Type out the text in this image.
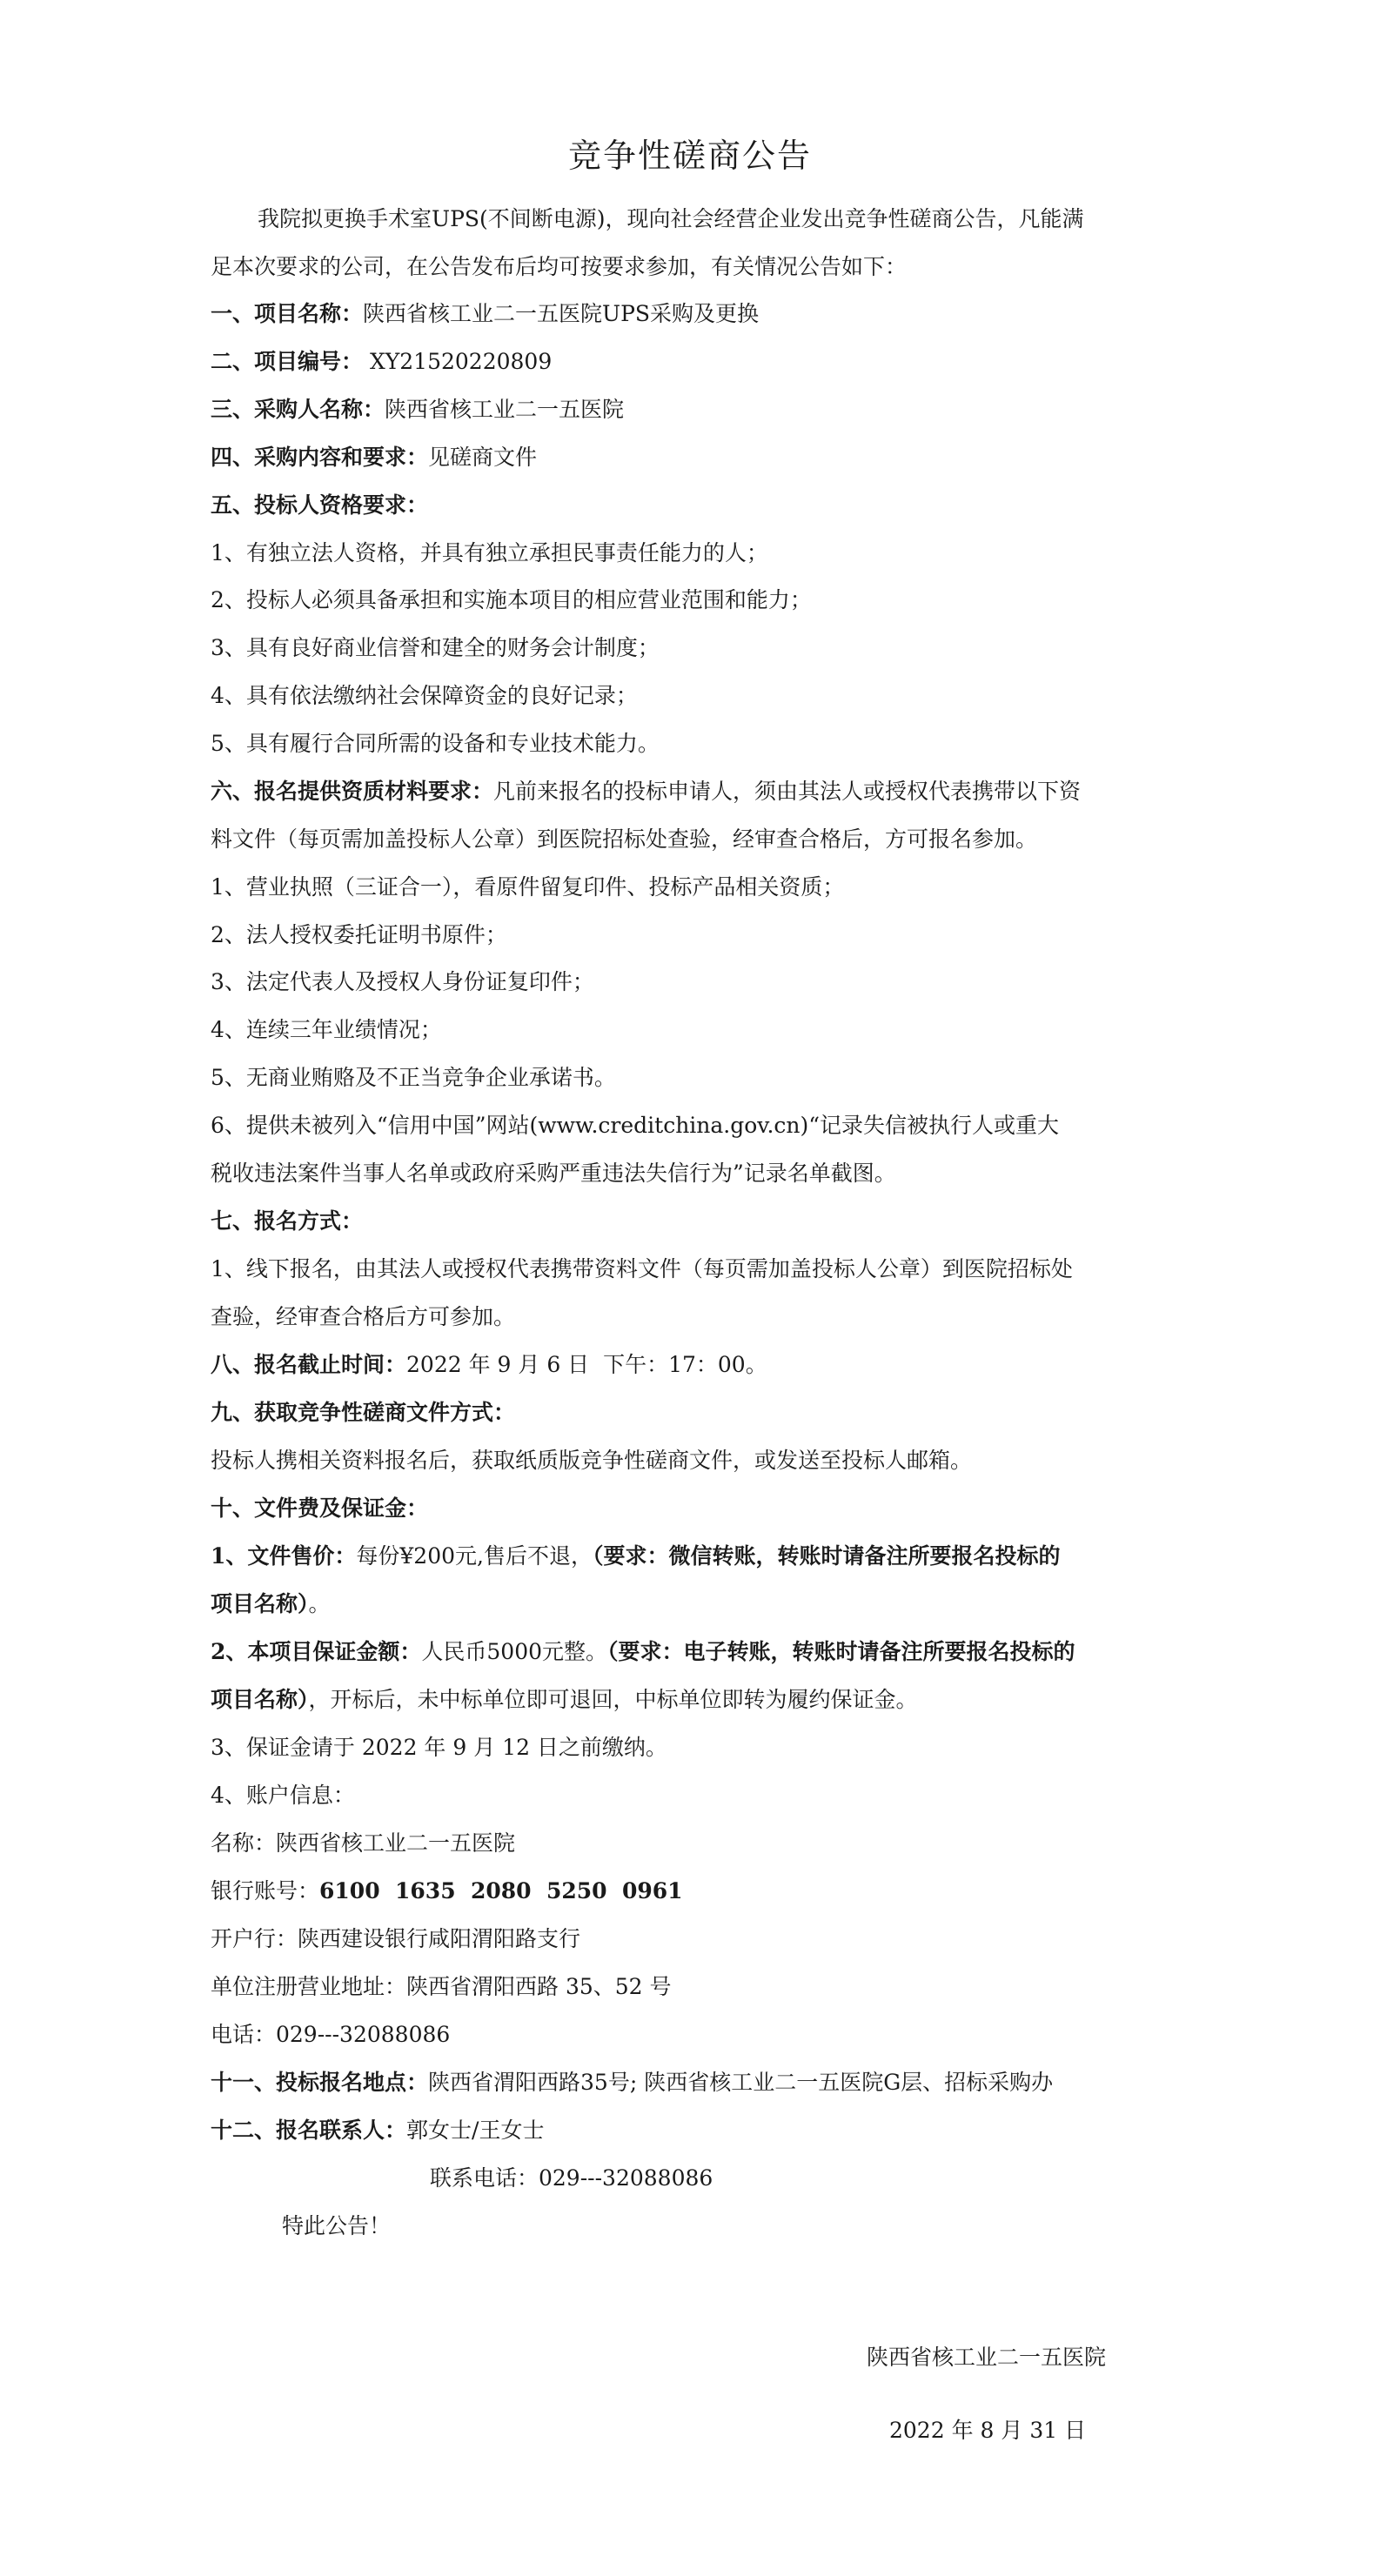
竞争性磋商公告
我院拟更换手术室UPS(不间断电源)，现向社会经营企业发出竞争性磋商公告，凡能满
足本次要求的公司，在公告发布后均可按要求参加，有关情况公告如下：
一、项目名称：陕西省核工业二一五医院UPS采购及更换
二、项目编号： XY21520220809
三、采购人名称：陕西省核工业二一五医院
四、采购内容和要求：见磋商文件
五、投标人资格要求：
1、有独立法人资格，并具有独立承担民事责任能力的人；
2、投标人必须具备承担和实施本项目的相应营业范围和能力；
3、具有良好商业信誉和建全的财务会计制度；
4、具有依法缴纳社会保障资金的良好记录；
5、具有履行合同所需的设备和专业技术能力。
六、报名提供资质材料要求：凡前来报名的投标申请人，须由其法人或授权代表携带以下资
料文件（每页需加盖投标人公章）到医院招标处查验，经审查合格后，方可报名参加。
1、营业执照（三证合一），看原件留复印件、投标产品相关资质；
2、法人授权委托证明书原件；
3、法定代表人及授权人身份证复印件；
4、连续三年业绩情况；
5、无商业贿赂及不正当竞争企业承诺书。
6、提供未被列入“信用中国”网站(www.creditchina.gov.cn)“记录失信被执行人或重大
税收违法案件当事人名单或政府采购严重违法失信行为”记录名单截图。
七、报名方式：
1、线下报名，由其法人或授权代表携带资料文件（每页需加盖投标人公章）到医院招标处
查验，经审查合格后方可参加。
八、报名截止时间：2022 年 9 月 6 日  下午：17：00。
九、获取竞争性磋商文件方式：
投标人携相关资料报名后，获取纸质版竞争性磋商文件，或发送至投标人邮箱。
十、文件费及保证金：
1、文件售价：每份¥200元,售后不退，（要求：微信转账，转账时请备注所要报名投标的
项目名称）。
2、本项目保证金额：人民币5000元整。（要求：电子转账，转账时请备注所要报名投标的
项目名称），开标后，未中标单位即可退回，中标单位即转为履约保证金。
3、保证金请于 2022 年 9 月 12 日之前缴纳。
4、账户信息：
名称：陕西省核工业二一五医院
银行账号：6100  1635  2080  5250  0961
开户行：陕西建设银行咸阳渭阳路支行
单位注册营业地址：陕西省渭阳西路 35、52 号
电话：029---32088086
十一、投标报名地点：陕西省渭阳西路35号; 陕西省核工业二一五医院G层、招标采购办
十二、报名联系人：郭女士/王女士
联系电话：029---32088086
特此公告！
陕西省核工业二一五医院
2022 年 8 月 31 日
